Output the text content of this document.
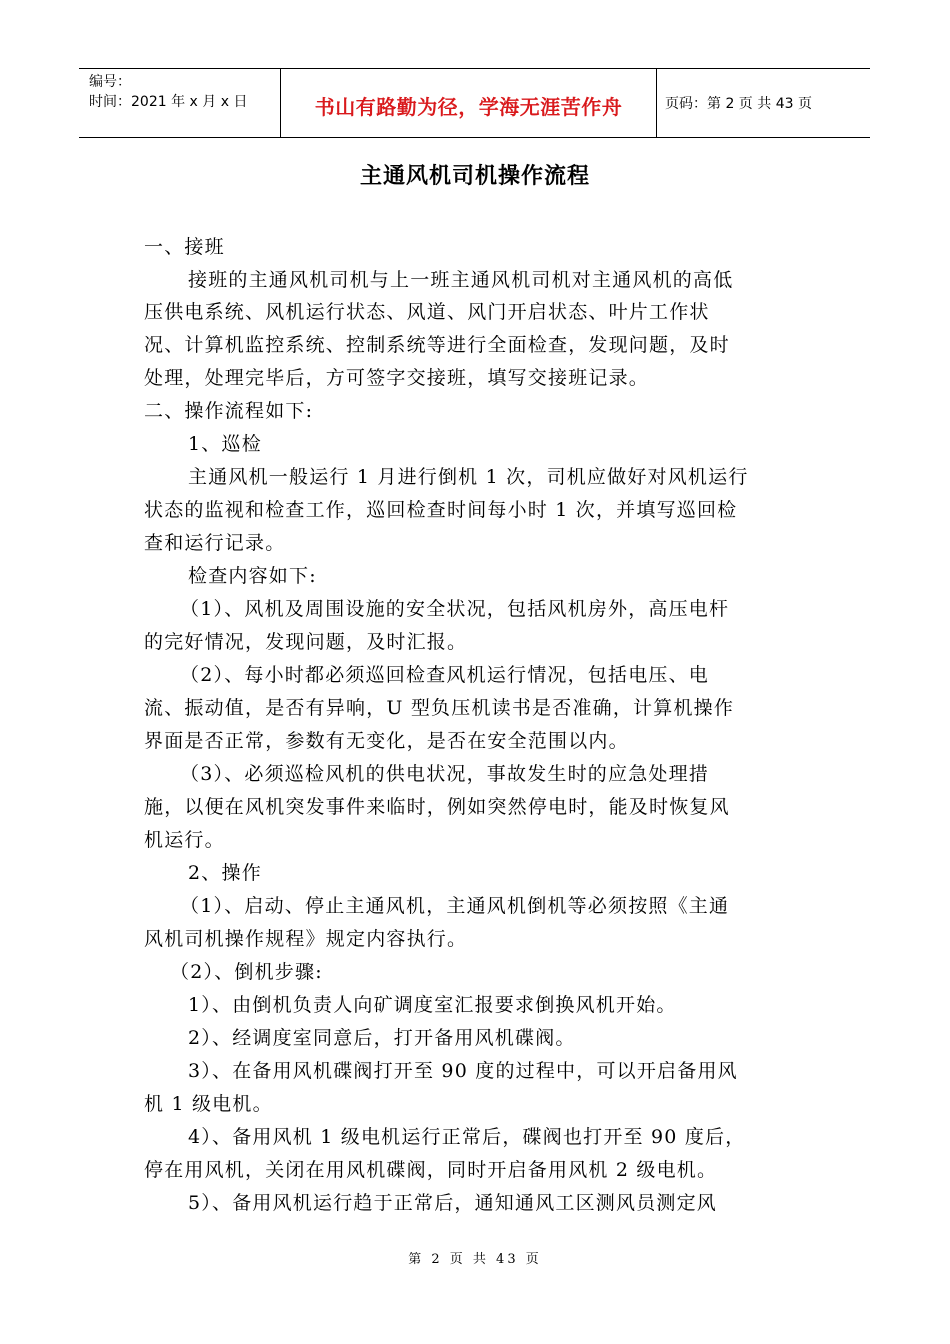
编号：
时间：2021 年 x 月 x 日	书山有路勤为径，学海无涯苦作舟	页码：第 2 页 共 43 页
主通风机司机操作流程
一、接班
接班的主通风机司机与上一班主通风机司机对主通风机的高低
压供电系统、风机运行状态、风道、风门开启状态、叶片工作状
况、计算机监控系统、控制系统等进行全面检查，发现问题，及时
处理，处理完毕后，方可签字交接班，填写交接班记录。
二、操作流程如下:
1、巡检
主通风机一般运行 1 月进行倒机 1 次，司机应做好对风机运行
状态的监视和检查工作，巡回检查时间每小时 1 次，并填写巡回检
查和运行记录。
检查内容如下:
（1）、风机及周围设施的安全状况，包括风机房外，高压电杆
的完好情况，发现问题，及时汇报。
（2）、每小时都必须巡回检查风机运行情况，包括电压、电
流、振动值，是否有异响，U 型负压机读书是否准确，计算机操作
界面是否正常，参数有无变化，是否在安全范围以内。
（3）、必须巡检风机的供电状况，事故发生时的应急处理措
施，以便在风机突发事件来临时，例如突然停电时，能及时恢复风
机运行。
2、操作
（1）、启动、停止主通风机，主通风机倒机等必须按照《主通
风机司机操作规程》规定内容执行。
（2）、倒机步骤:
1）、由倒机负责人向矿调度室汇报要求倒换风机开始。
2）、经调度室同意后，打开备用风机碟阀。
3）、在备用风机碟阀打开至 90 度的过程中，可以开启备用风
机 1 级电机。
4）、备用风机 1 级电机运行正常后，碟阀也打开至 90 度后，
停在用风机，关闭在用风机碟阀，同时开启备用风机 2 级电机。
5）、备用风机运行趋于正常后，通知通风工区测风员测定风
第 2 页 共 43 页
